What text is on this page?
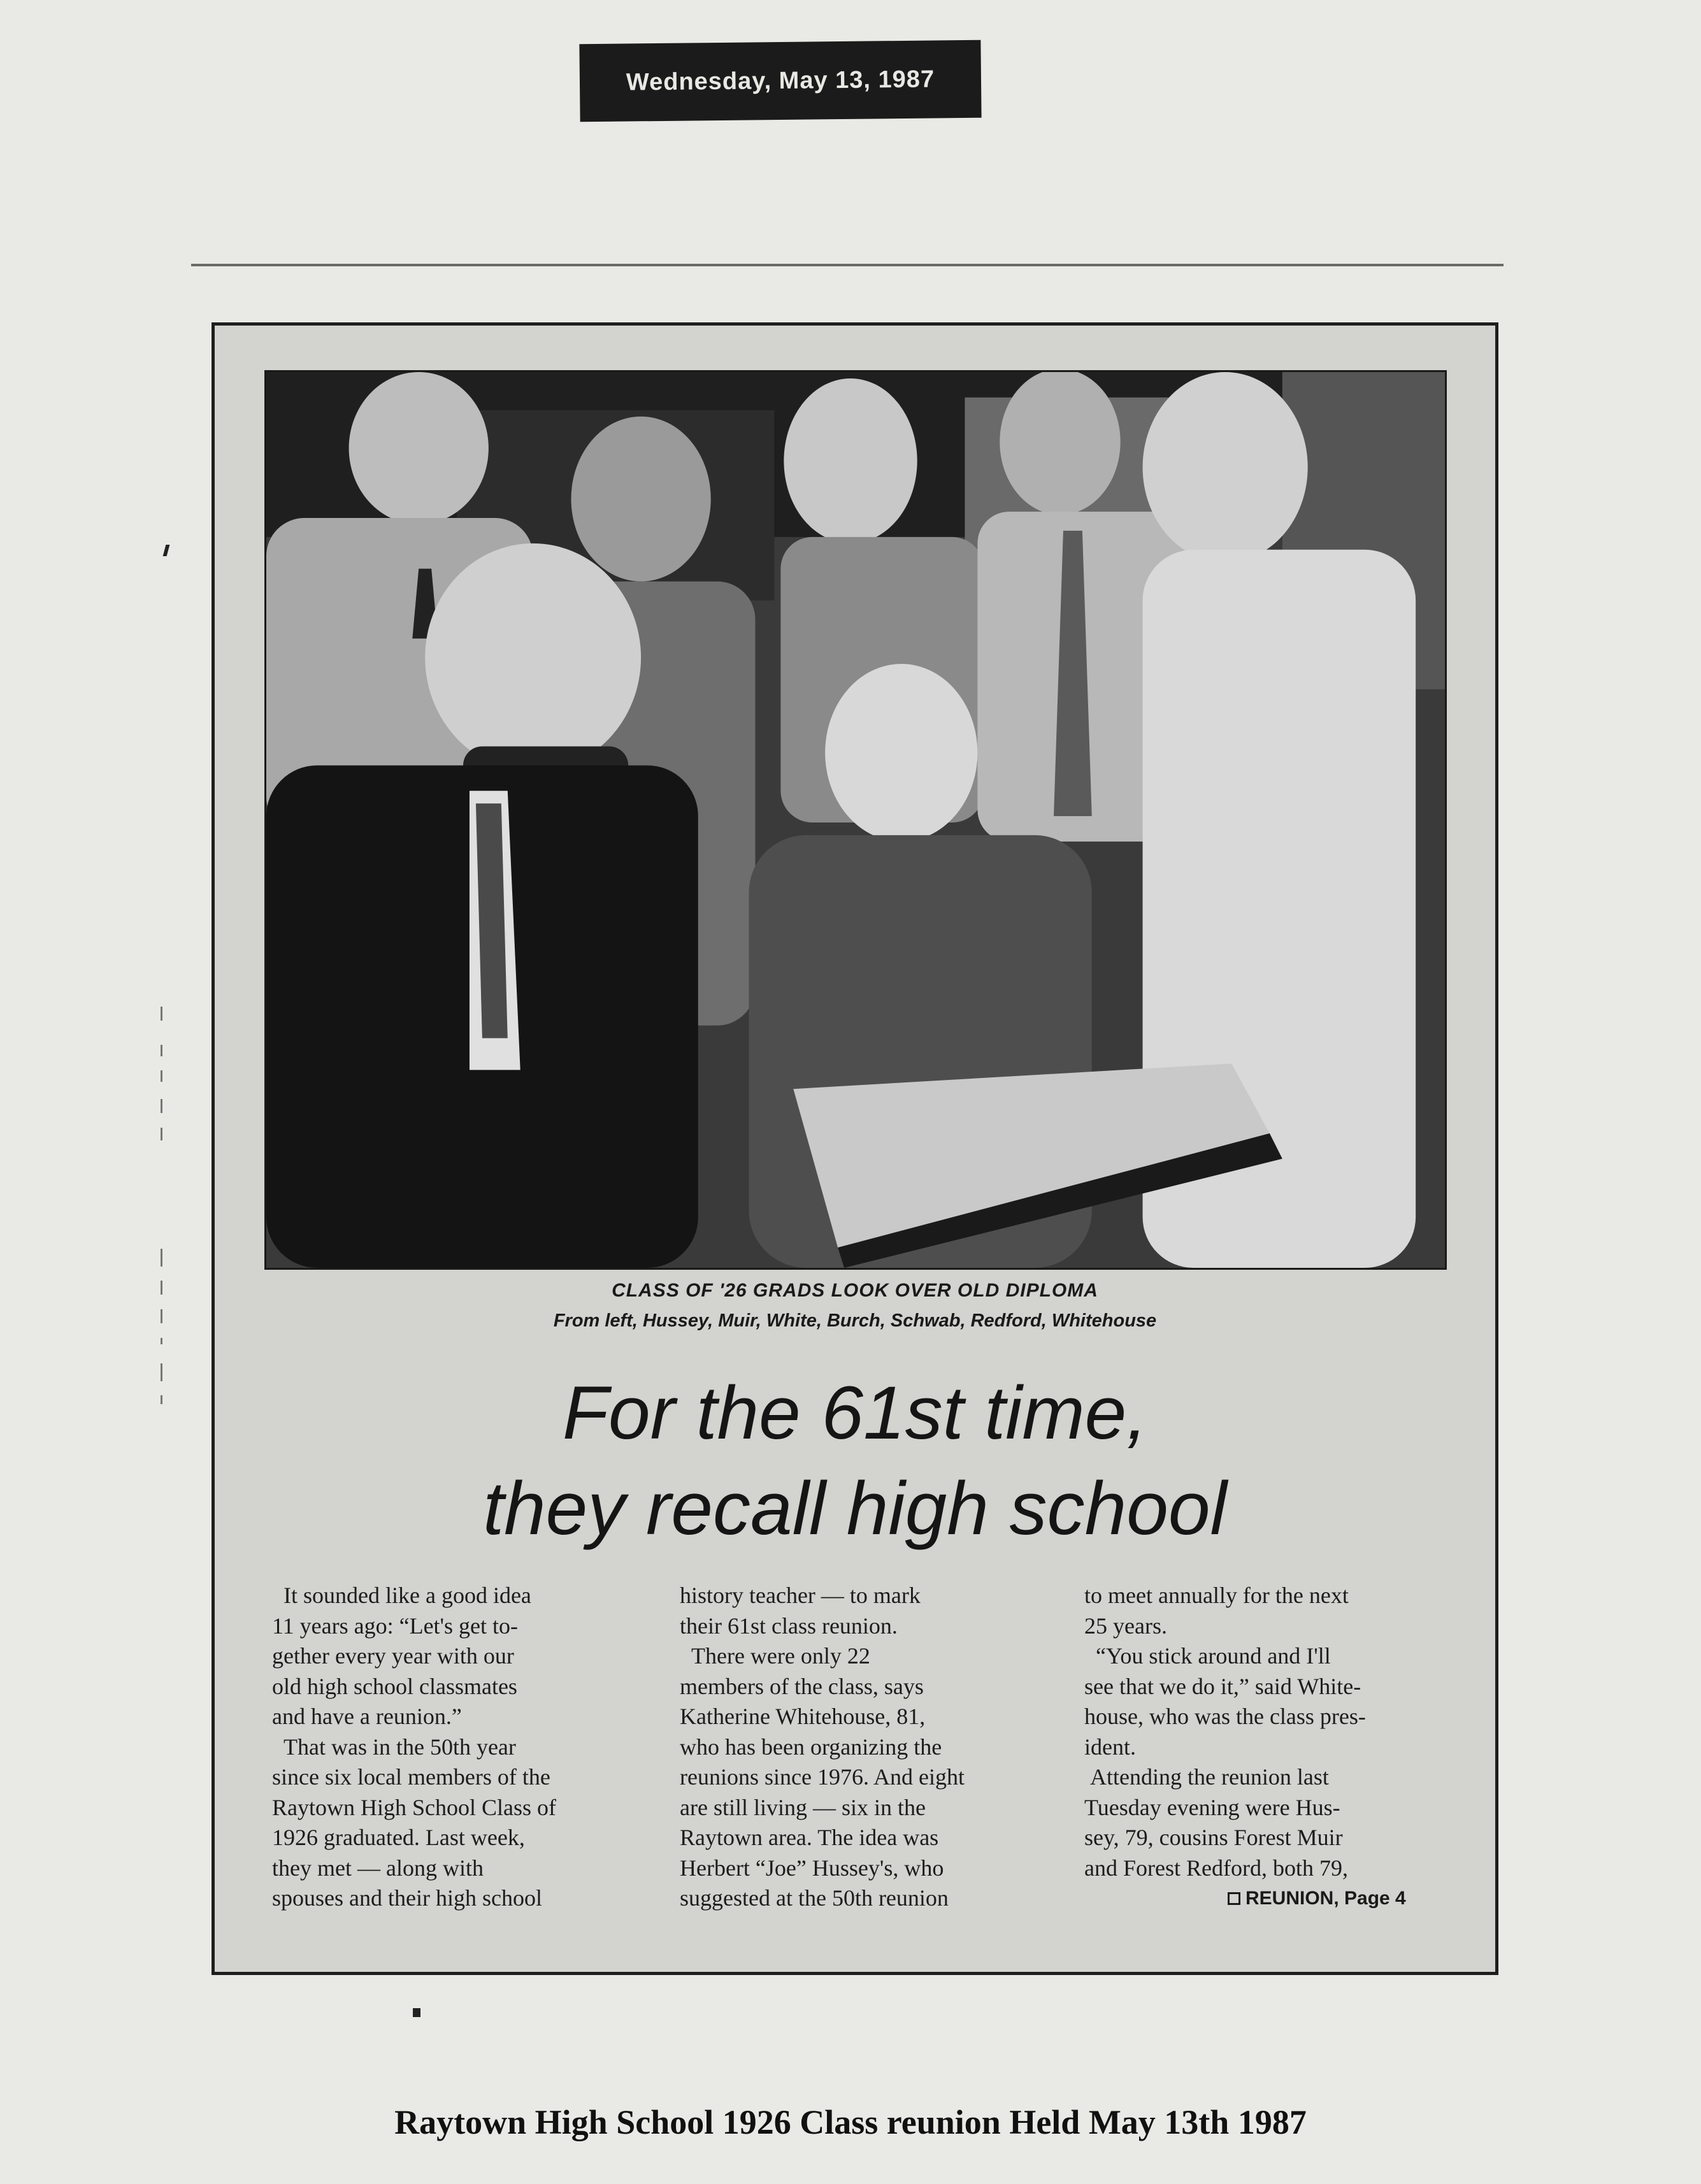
Wednesday, May 13, 1987
CLASS OF '26 GRADS LOOK OVER OLD DIPLOMA
From left, Hussey, Muir, White, Burch, Schwab, Redford, Whitehouse
For the 61st time,
they recall high school

It sounded like a good idea

11 years ago: “Let's get to-

gether every year with our

old high school classmates

and have a reunion.”

That was in the 50th year

since six local members of the

Raytown High School Class of

1926 graduated. Last week,

they met — along with

spouses and their high school

history teacher — to mark

their 61st class reunion.

There were only 22

members of the class, says

Katherine Whitehouse, 81,

who has been organizing the

reunions since 1976. And eight

are still living — six in the

Raytown area. The idea was

Herbert “Joe” Hussey's, who

suggested at the 50th reunion

to meet annually for the next

25 years.

“You stick around and I'll

see that we do it,” said White-

house, who was the class pres-

ident.

Attending the reunion last

Tuesday evening were Hus-

sey, 79, cousins Forest Muir

and Forest Redford, both 79,

REUNION, Page 4
Raytown High School 1926 Class reunion Held May 13th 1987
